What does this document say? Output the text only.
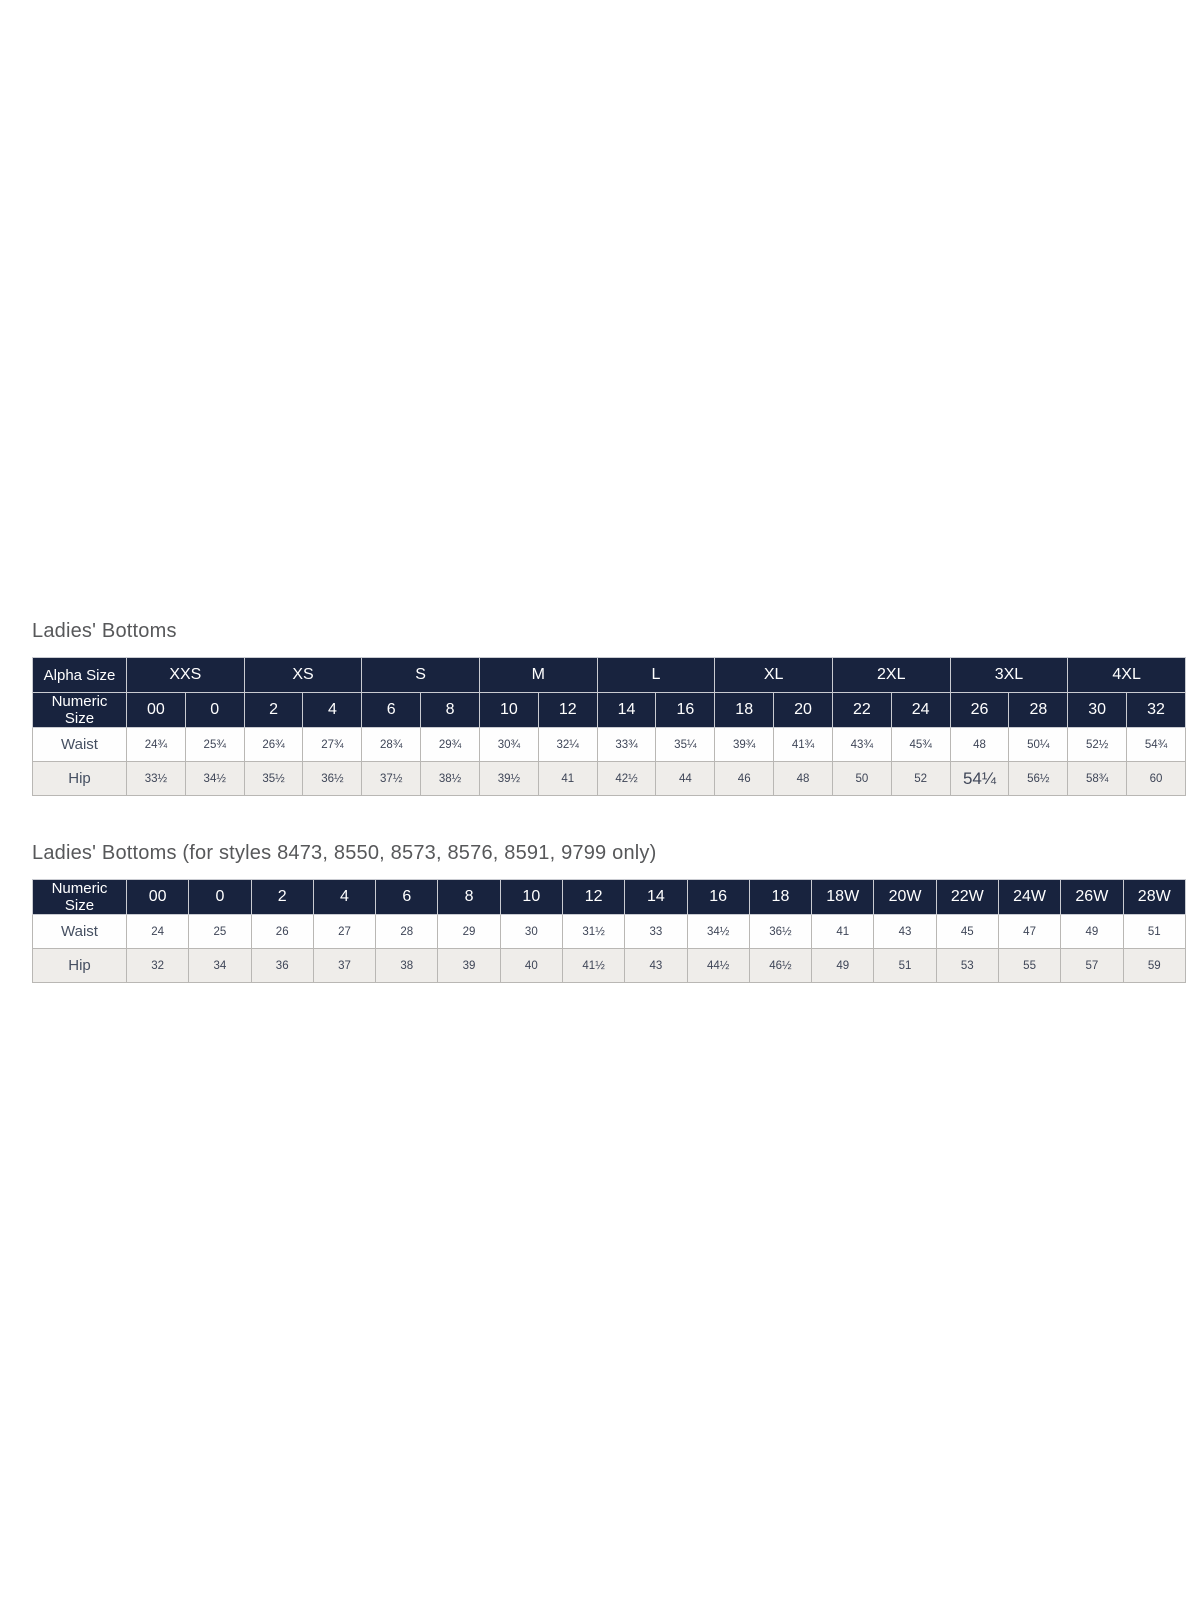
Ladies' Bottoms
Alpha Size	XXS		XS		S		M		L		XL		2XL		3XL		4XL	
Numeric Size	00	0	2	4	6	8	10	12	14	16	18	20	22	24	26	28	30	32
Waist	24¾	25¾	26¾	27¾	28¾	29¾	30¾	32¼	33¾	35¼	39¾	41¾	43¾	45¾	48	50¼	52½	54¾
Hip	33½	34½	35½	36½	37½	38½	39½	41	42½	44	46	48	50	52	54¼	56½	58¾	60
Ladies' Bottoms (for styles 8473, 8550, 8573, 8576, 8591, 9799 only)
Numeric Size	00	0	2	4	6	8	10	12	14	16	18	18W	20W	22W	24W	26W	28W
Waist	24	25	26	27	28	29	30	31½	33	34½	36½	41	43	45	47	49	51
Hip	32	34	36	37	38	39	40	41½	43	44½	46½	49	51	53	55	57	59
